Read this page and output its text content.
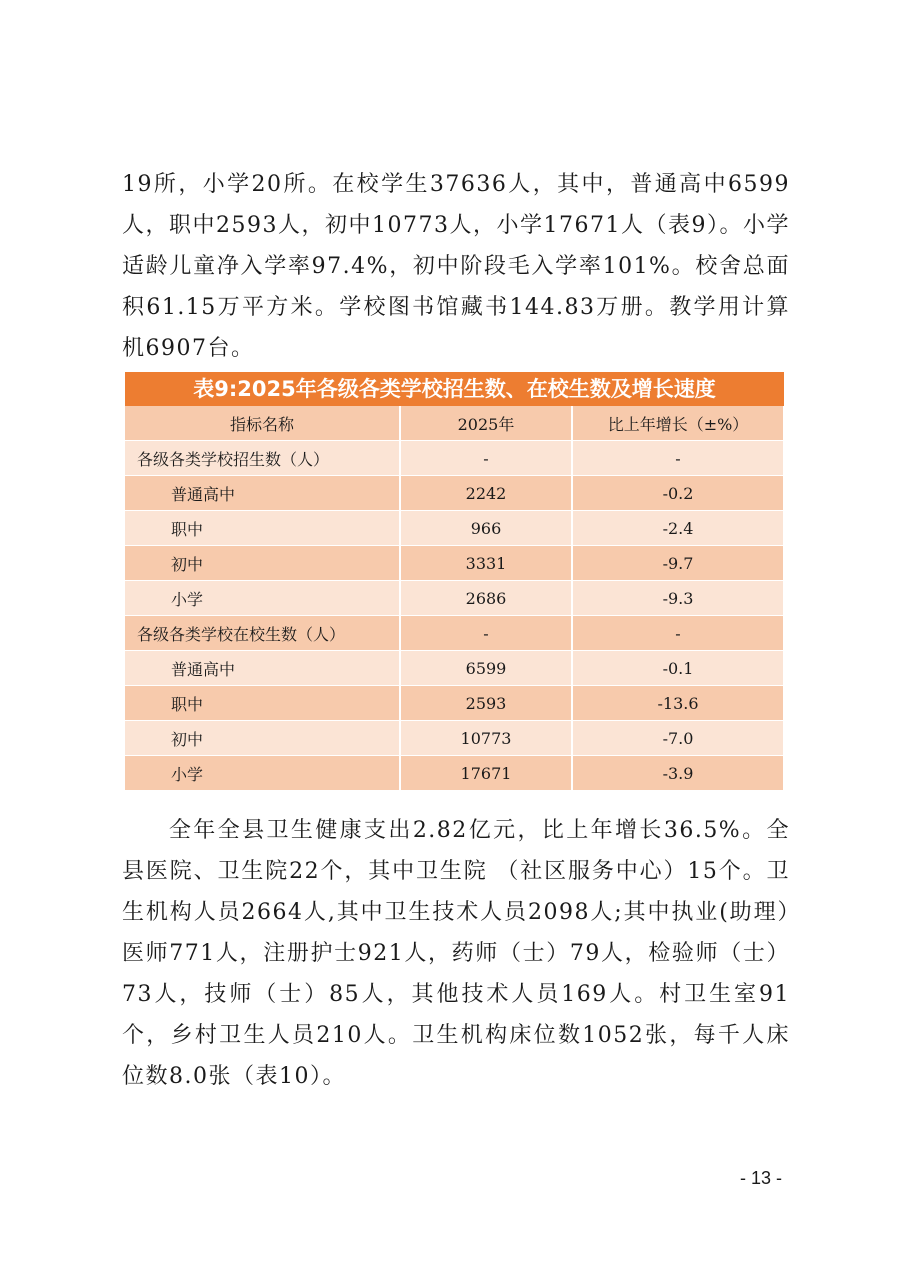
19所，小学20所。在校学生37636人，其中，普通高中6599人，职中2593人，初中10773人，小学17671人（表9）。小学适龄儿童净入学率97.4%，初中阶段毛入学率101%。校舍总面积61.15万平方米。学校图书馆藏书144.83万册。教学用计算机6907台。

表9:2025年各级各类学校招生数、在校生数及增长速度
指标名称	2025年	比上年增长（±%）
各级各类学校招生数（人）	-	-
普通高中	2242	-0.2
职中	966	-2.4
初中	3331	-9.7
小学	2686	-9.3
各级各类学校在校生数（人）	-	-
普通高中	6599	-0.1
职中	2593	-13.6
初中	10773	-7.0
小学	17671	-3.9

全年全县卫生健康支出2.82亿元，比上年增长36.5%。全县医院、卫生院22个，其中卫生院 （社区服务中心）15个。卫生机构人员2664人,其中卫生技术人员2098人;其中执业(助理）医师771人，注册护士921人，药师（士）79人，检验师（士）73人，技师（士）85人，其他技术人员169人。村卫生室91个，乡村卫生人员210人。卫生机构床位数1052张，每千人床位数8.0张（表10）。

- 13 -
